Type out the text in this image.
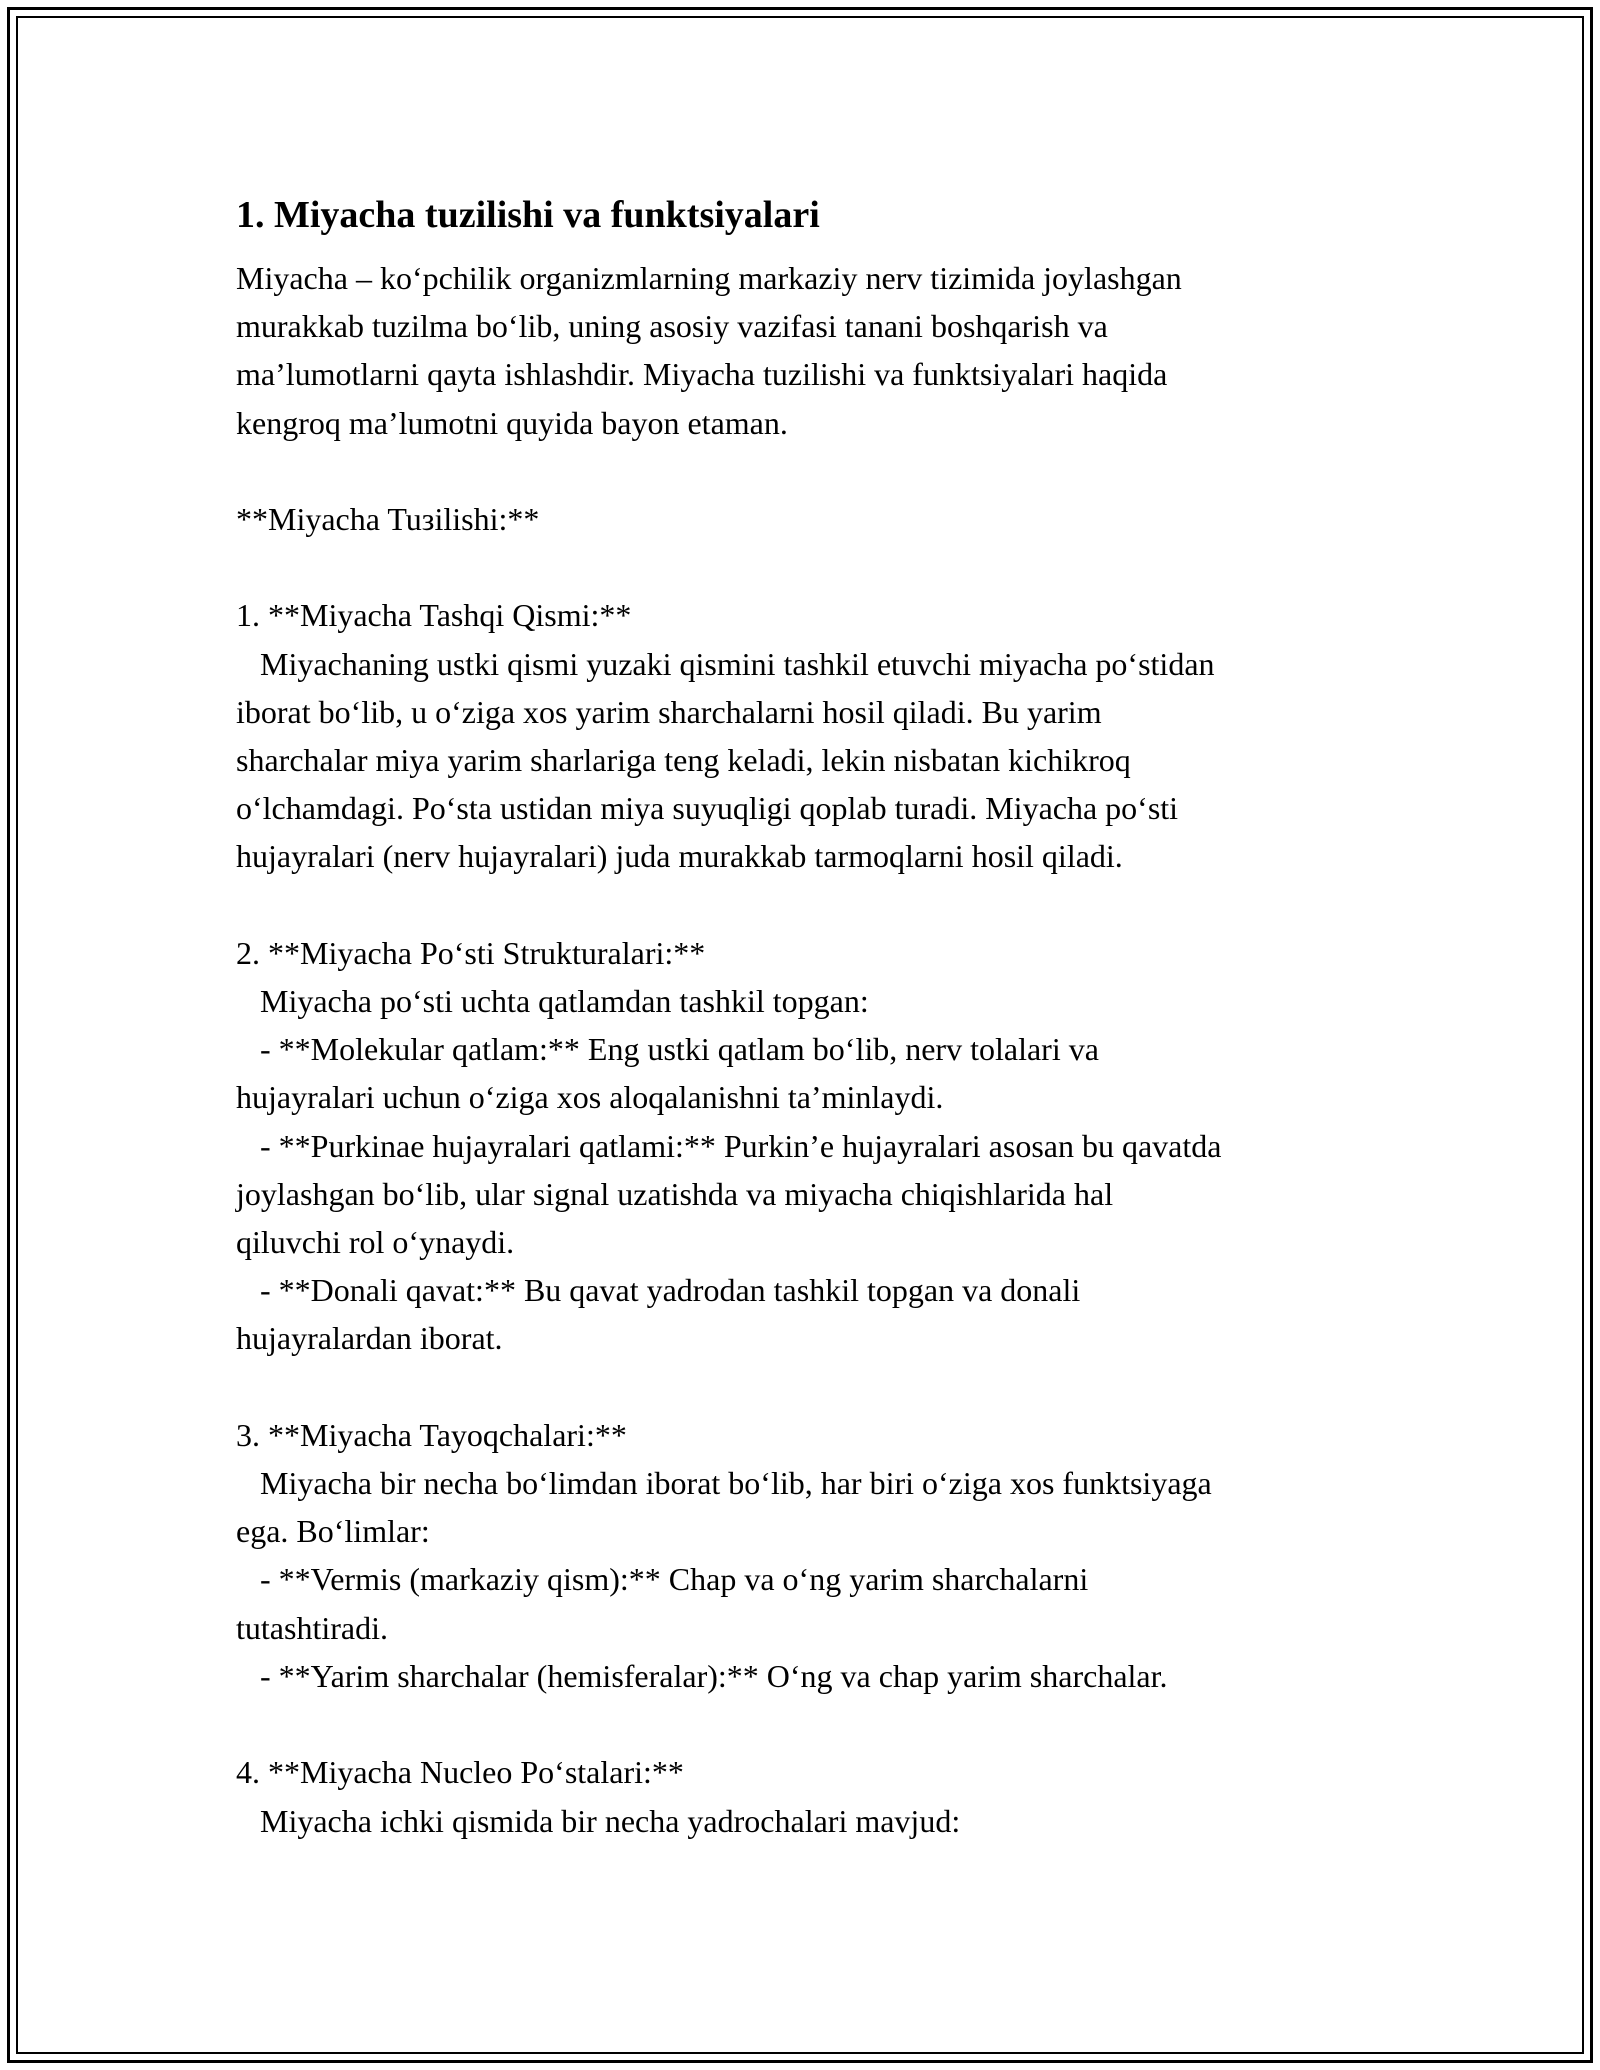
1. Miyacha tuzilishi va funktsiyalari

Miyacha – ko‘pchilik organizmlarning markaziy nerv tizimida joylashgan
murakkab tuzilma bo‘lib, uning asosiy vazifasi tanani boshqarish va
ma’lumotlarni qayta ishlashdir. Miyacha tuzilishi va funktsiyalari haqida
kengroq ma’lumotni quyida bayon etaman.

**Miyacha Tuзilishi:**

1. **Miyacha Tashqi Qismi:**
Miyachaning ustki qismi yuzaki qismini tashkil etuvchi miyacha po‘stidan
iborat bo‘lib, u o‘ziga xos yarim sharchalarni hosil qiladi. Bu yarim
sharchalar miya yarim sharlariga teng keladi, lekin nisbatan kichikroq
o‘lchamdagi. Po‘sta ustidan miya suyuqligi qoplab turadi. Miyacha po‘sti
hujayralari (nerv hujayralari) juda murakkab tarmoqlarni hosil qiladi.

2. **Miyacha Po‘sti Strukturalari:**
Miyacha po‘sti uchta qatlamdan tashkil topgan:
- **Molekular qatlam:** Eng ustki qatlam bo‘lib, nerv tolalari va
hujayralari uchun o‘ziga xos aloqalanishni ta’minlaydi.
- **Purkinae hujayralari qatlami:** Purkin’e hujayralari asosan bu qavatda
joylashgan bo‘lib, ular signal uzatishda va miyacha chiqishlarida hal
qiluvchi rol o‘ynaydi.
- **Donali qavat:** Bu qavat yadrodan tashkil topgan va donali
hujayralardan iborat.

3. **Miyacha Tayoqchalari:**
Miyacha bir necha bo‘limdan iborat bo‘lib, har biri o‘ziga xos funktsiyaga
ega. Bo‘limlar:
- **Vermis (markaziy qism):** Chap va o‘ng yarim sharchalarni
tutashtiradi.
- **Yarim sharchalar (hemisferalar):** O‘ng va chap yarim sharchalar.

4. **Miyacha Nucleo Po‘stalari:**
Miyacha ichki qismida bir necha yadrochalari mavjud:
